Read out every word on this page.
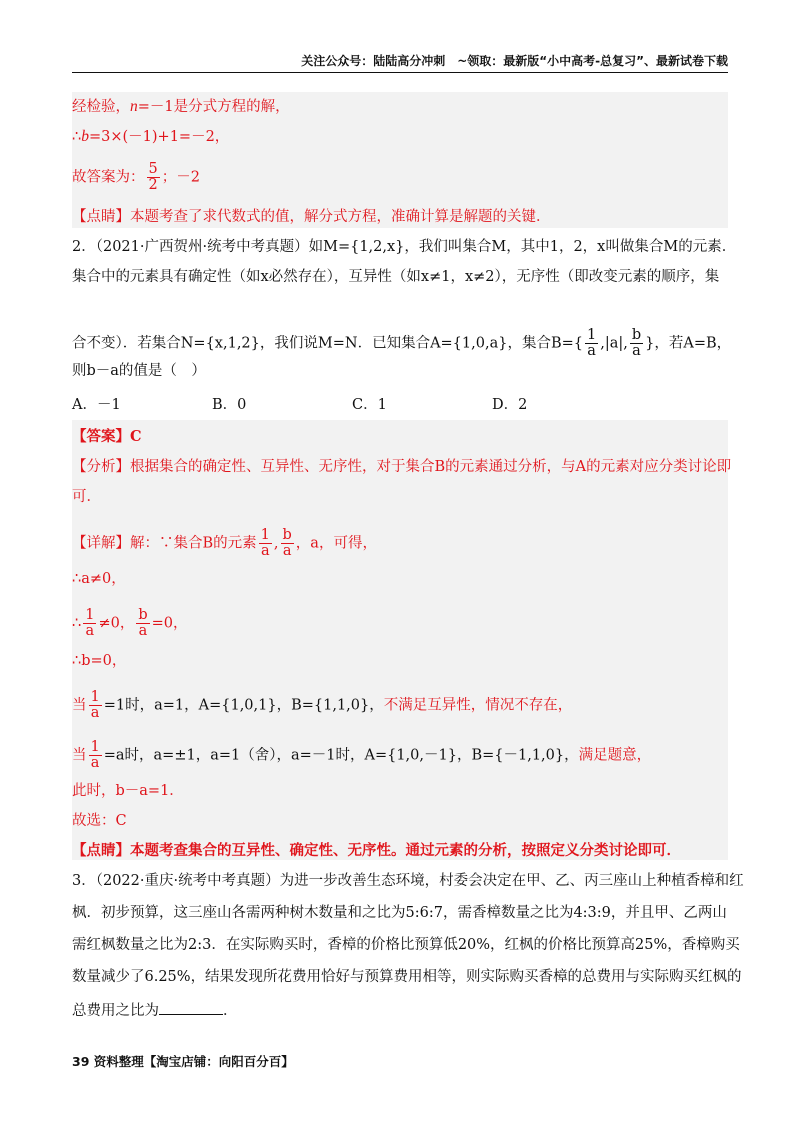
关注公众号：陆陆高分冲刺　~领取：最新版“小中高考-总复习”、最新试卷下载
经检验，n=－1是分式方程的解，
∴b=3×(－1)+1=－2，
故答案为： $\frac{5}{2}$ ；－2
【点睛】本题考查了求代数式的值，解分式方程，准确计算是解题的关键．
2．（2021·广西贺州·统考中考真题）如M={1,2,x}，我们叫集合M，其中1，2，x叫做集合M的元素．
集合中的元素具有确定性（如x必然存在），互异性（如x≠1，x≠2），无序性（即改变元素的顺序，集
合不变）．若集合N={x,1,2}，我们说M=N．已知集合A={1,0,a}，集合$B=\{ \frac{1}{a} ,|a|$, $\frac{b}{a}$ }，若A=B，
则b－a的值是（　）
A．－1	B．0	C．1	D．2
【答案】C
【分析】根据集合的确定性、互异性、无序性，对于集合B的元素通过分析，与A的元素对应分类讨论即
可．
【详解】解：∵集合B的元素 $\frac{1}{a}$ , $\frac{b}{a}$ ，a，可得，
∴a≠0，
∴ $\frac{1}{a} \ne 0$， $\frac{b}{a} =0$，
∴b=0，
当 $\frac{1}{a} =1$时，a=1，A={1,0,1}，B={1,1,0}，不满足互异性，情况不存在，
当 $\frac{1}{a} =a$时，a=±1，a=1（舍），a=－1时，A={1,0,－1}，B={－1,1,0}，满足题意，
此时，b－a=1．
故选：C
【点睛】本题考查集合的互异性、确定性、无序性。通过元素的分析，按照定义分类讨论即可．
3．（2022·重庆·统考中考真题）为进一步改善生态环境，村委会决定在甲、乙、丙三座山上种植香樟和红
枫．初步预算，这三座山各需两种树木数量和之比为5:6:7，需香樟数量之比为4:3:9，并且甲、乙两山
需红枫数量之比为2:3．在实际购买时，香樟的价格比预算低20%，红枫的价格比预算高25%，香樟购买
数量减少了6.25%，结果发现所花费用恰好与预算费用相等，则实际购买香樟的总费用与实际购买红枫的
总费用之比为	．
39 资料整理【淘宝店铺：向阳百分百】
